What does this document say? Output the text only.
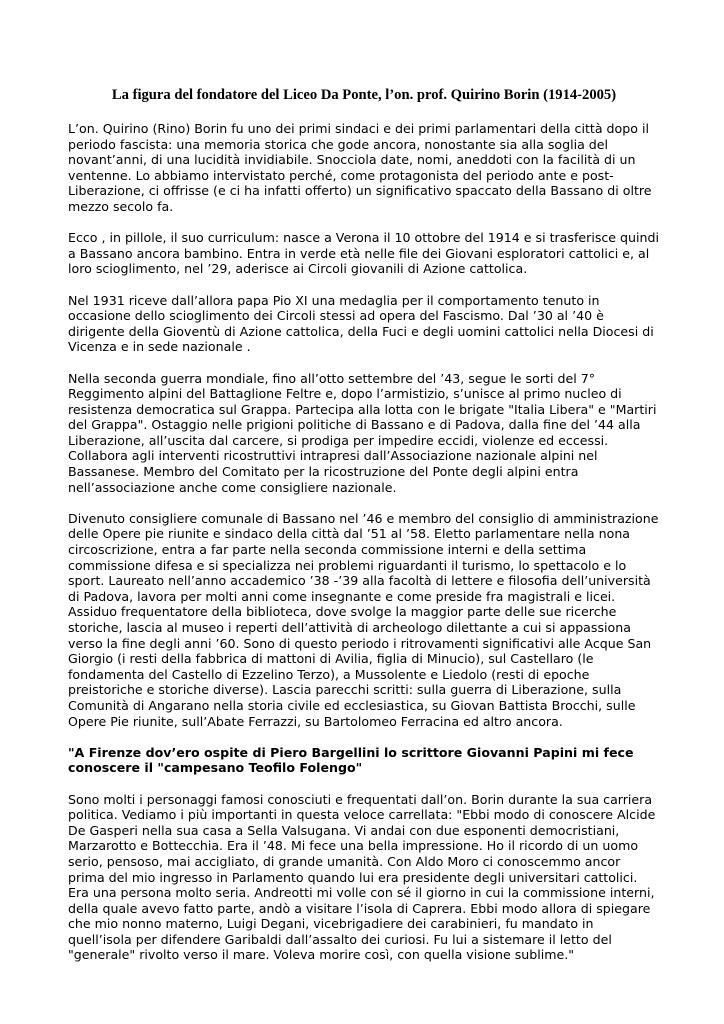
La figura del fondatore del Liceo Da Ponte, l’on. prof. Quirino Borin (1914-2005)

L’on. Quirino (Rino) Borin fu uno dei primi sindaci e dei primi parlamentari della città dopo il periodo fascista: una memoria storica che gode ancora, nonostante sia alla soglia del novant’anni, di una lucidità invidiabile. Snocciola date, nomi, aneddoti con la facilità di un ventenne. Lo abbiamo intervistato perché, come protagonista del periodo ante e post-Liberazione, ci offrisse (e ci ha infatti offerto) un significativo spaccato della Bassano di oltre mezzo secolo fa.

Ecco , in pillole, il suo curriculum: nasce a Verona il 10 ottobre del 1914 e si trasferisce quindi a Bassano ancora bambino. Entra in verde età nelle file dei Giovani esploratori cattolici e, al loro scioglimento, nel ’29, aderisce ai Circoli giovanili di Azione cattolica.

Nel 1931 riceve dall’allora papa Pio XI una medaglia per il comportamento tenuto in occasione dello scioglimento dei Circoli stessi ad opera del Fascismo. Dal ’30 al ’40 è dirigente della Gioventù di Azione cattolica, della Fuci e degli uomini cattolici nella Diocesi di Vicenza e in sede nazionale .

Nella seconda guerra mondiale, fino all’otto settembre del ’43, segue le sorti del 7° Reggimento alpini del Battaglione Feltre e, dopo l’armistizio, s’unisce al primo nucleo di resistenza democratica sul Grappa. Partecipa alla lotta con le brigate "Italia Libera" e "Martiri del Grappa". Ostaggio nelle prigioni politiche di Bassano e di Padova, dalla fine del ’44 alla Liberazione, all’uscita dal carcere, si prodiga per impedire eccidi, violenze ed eccessi. Collabora agli interventi ricostruttivi intrapresi dall’Associazione nazionale alpini nel Bassanese. Membro del Comitato per la ricostruzione del Ponte degli alpini entra nell’associazione anche come consigliere nazionale.

Divenuto consigliere comunale di Bassano nel ’46 e membro del consiglio di amministrazione delle Opere pie riunite e sindaco della città dal ’51 al ’58. Eletto parlamentare nella nona circoscrizione, entra a far parte nella seconda commissione interni e della settima commissione difesa e si specializza nei problemi riguardanti il turismo, lo spettacolo e lo sport. Laureato nell’anno accademico ’38 -’39 alla facoltà di lettere e filosofia dell’università di Padova, lavora per molti anni come insegnante e come preside fra magistrali e licei. Assiduo frequentatore della biblioteca, dove svolge la maggior parte delle sue ricerche storiche, lascia al museo i reperti dell’attività di archeologo dilettante a cui si appassiona verso la fine degli anni ’60. Sono di questo periodo i ritrovamenti significativi alle Acque San Giorgio (i resti della fabbrica di mattoni di Avilia, figlia di Minucio), sul Castellaro (le fondamenta del Castello di Ezzelino Terzo), a Mussolente e Liedolo (resti di epoche preistoriche e storiche diverse). Lascia parecchi scritti: sulla guerra di Liberazione, sulla Comunità di Angarano nella storia civile ed ecclesiastica, su Giovan Battista Brocchi, sulle Opere Pie riunite, sull’Abate Ferrazzi, su Bartolomeo Ferracina ed altro ancora.

"A Firenze dov’ero ospite di Piero Bargellini lo scrittore Giovanni Papini mi fece conoscere il "campesano Teofilo Folengo"

Sono molti i personaggi famosi conosciuti e frequentati dall’on. Borin durante la sua carriera politica. Vediamo i più importanti in questa veloce carrellata: "Ebbi modo di conoscere Alcide De Gasperi nella sua casa a Sella Valsugana. Vi andai con due esponenti democristiani, Marzarotto e Bottecchia. Era il ’48. Mi fece una bella impressione. Ho il ricordo di un uomo serio, pensoso, mai accigliato, di grande umanità. Con Aldo Moro ci conoscemmo ancor prima del mio ingresso in Parlamento quando lui era presidente degli universitari cattolici. Era una persona molto seria. Andreotti mi volle con sé il giorno in cui la commissione interni, della quale avevo fatto parte, andò a visitare l’isola di Caprera. Ebbi modo allora di spiegare che mio nonno materno, Luigi Degani, vicebrigadiere dei carabinieri, fu mandato in quell’isola per difendere Garibaldi dall’assalto dei curiosi. Fu lui a sistemare il letto del "generale" rivolto verso il mare. Voleva morire così, con quella visione sublime."
